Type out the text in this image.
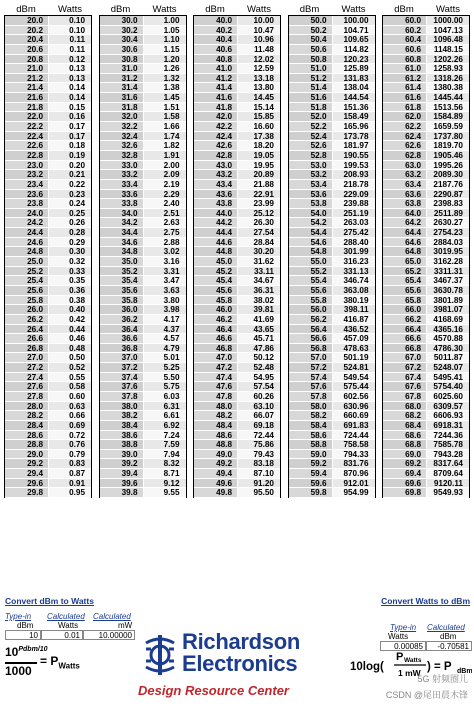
dBm	Watts
20.0	0.10
20.2	0.10
20.4	0.11
20.6	0.11
20.8	0.12
21.0	0.13
21.2	0.13
21.4	0.14
21.6	0.14
21.8	0.15
22.0	0.16
22.2	0.17
22.4	0.17
22.6	0.18
22.8	0.19
23.0	0.20
23.2	0.21
23.4	0.22
23.6	0.23
23.8	0.24
24.0	0.25
24.2	0.26
24.4	0.28
24.6	0.29
24.8	0.30
25.0	0.32
25.2	0.33
25.4	0.35
25.6	0.36
25.8	0.38
26.0	0.40
26.2	0.42
26.4	0.44
26.6	0.46
26.8	0.48
27.0	0.50
27.2	0.52
27.4	0.55
27.6	0.58
27.8	0.60
28.0	0.63
28.2	0.66
28.4	0.69
28.6	0.72
28.8	0.76
29.0	0.79
29.2	0.83
29.4	0.87
29.6	0.91
29.8	0.95
dBm	Watts
30.0	1.00
30.2	1.05
30.4	1.10
30.6	1.15
30.8	1.20
31.0	1.26
31.2	1.32
31.4	1.38
31.6	1.45
31.8	1.51
32.0	1.58
32.2	1.66
32.4	1.74
32.6	1.82
32.8	1.91
33.0	2.00
33.2	2.09
33.4	2.19
33.6	2.29
33.8	2.40
34.0	2.51
34.2	2.63
34.4	2.75
34.6	2.88
34.8	3.02
35.0	3.16
35.2	3.31
35.4	3.47
35.6	3.63
35.8	3.80
36.0	3.98
36.2	4.17
36.4	4.37
36.6	4.57
36.8	4.79
37.0	5.01
37.2	5.25
37.4	5.50
37.6	5.75
37.8	6.03
38.0	6.31
38.2	6.61
38.4	6.92
38.6	7.24
38.8	7.59
39.0	7.94
39.2	8.32
39.4	8.71
39.6	9.12
39.8	9.55
dBm	Watts
40.0	10.00
40.2	10.47
40.4	10.96
40.6	11.48
40.8	12.02
41.0	12.59
41.2	13.18
41.4	13.80
41.6	14.45
41.8	15.14
42.0	15.85
42.2	16.60
42.4	17.38
42.6	18.20
42.8	19.05
43.0	19.95
43.2	20.89
43.4	21.88
43.6	22.91
43.8	23.99
44.0	25.12
44.2	26.30
44.4	27.54
44.6	28.84
44.8	30.20
45.0	31.62
45.2	33.11
45.4	34.67
45.6	36.31
45.8	38.02
46.0	39.81
46.2	41.69
46.4	43.65
46.6	45.71
46.8	47.86
47.0	50.12
47.2	52.48
47.4	54.95
47.6	57.54
47.8	60.26
48.0	63.10
48.2	66.07
48.4	69.18
48.6	72.44
48.8	75.86
49.0	79.43
49.2	83.18
49.4	87.10
49.6	91.20
49.8	95.50
dBm	Watts
50.0	100.00
50.2	104.71
50.4	109.65
50.6	114.82
50.8	120.23
51.0	125.89
51.2	131.83
51.4	138.04
51.6	144.54
51.8	151.36
52.0	158.49
52.2	165.96
52.4	173.78
52.6	181.97
52.8	190.55
53.0	199.53
53.2	208.93
53.4	218.78
53.6	229.09
53.8	239.88
54.0	251.19
54.2	263.03
54.4	275.42
54.6	288.40
54.8	301.99
55.0	316.23
55.2	331.13
55.4	346.74
55.6	363.08
55.8	380.19
56.0	398.11
56.2	416.87
56.4	436.52
56.6	457.09
56.8	478.63
57.0	501.19
57.2	524.81
57.4	549.54
57.6	575.44
57.8	602.56
58.0	630.96
58.2	660.69
58.4	691.83
58.6	724.44
58.8	758.58
59.0	794.33
59.2	831.76
59.4	870.96
59.6	912.01
59.8	954.99
dBm	Watts
60.0	1000.00
60.2	1047.13
60.4	1096.48
60.6	1148.15
60.8	1202.26
61.0	1258.93
61.2	1318.26
61.4	1380.38
61.6	1445.44
61.8	1513.56
62.0	1584.89
62.2	1659.59
62.4	1737.80
62.6	1819.70
62.8	1905.46
63.0	1995.26
63.2	2089.30
63.4	2187.76
63.6	2290.87
63.8	2398.83
64.0	2511.89
64.2	2630.27
64.4	2754.23
64.6	2884.03
64.8	3019.95
65.0	3162.28
65.2	3311.31
65.4	3467.37
65.6	3630.78
65.8	3801.89
66.0	3981.07
66.2	4168.69
66.4	4365.16
66.6	4570.88
66.8	4786.30
67.0	5011.87
67.2	5248.07
67.4	5495.41
67.6	5754.40
67.8	6025.60
68.0	6309.57
68.2	6606.93
68.4	6918.31
68.6	7244.36
68.8	7585.78
69.0	7943.28
69.2	8317.64
69.4	8709.64
69.6	9120.11
69.8	9549.93
Convert dBm to Watts	Convert Watts to dBm
Type-in Calculated Calculated
dBm	Watts	mW
10	0.01	10.00000
$10^{Pdbm/10}$
1000
= $P_{Watts}$
Richardson
Electronics
Design Resource Center
Type-in Calculated
Watts	dBm
0.00085	-0.70581
10log(
P Watts
1 mW ) = P dBm
5G 射频圈儿
CSDN @尾田晨木锋
